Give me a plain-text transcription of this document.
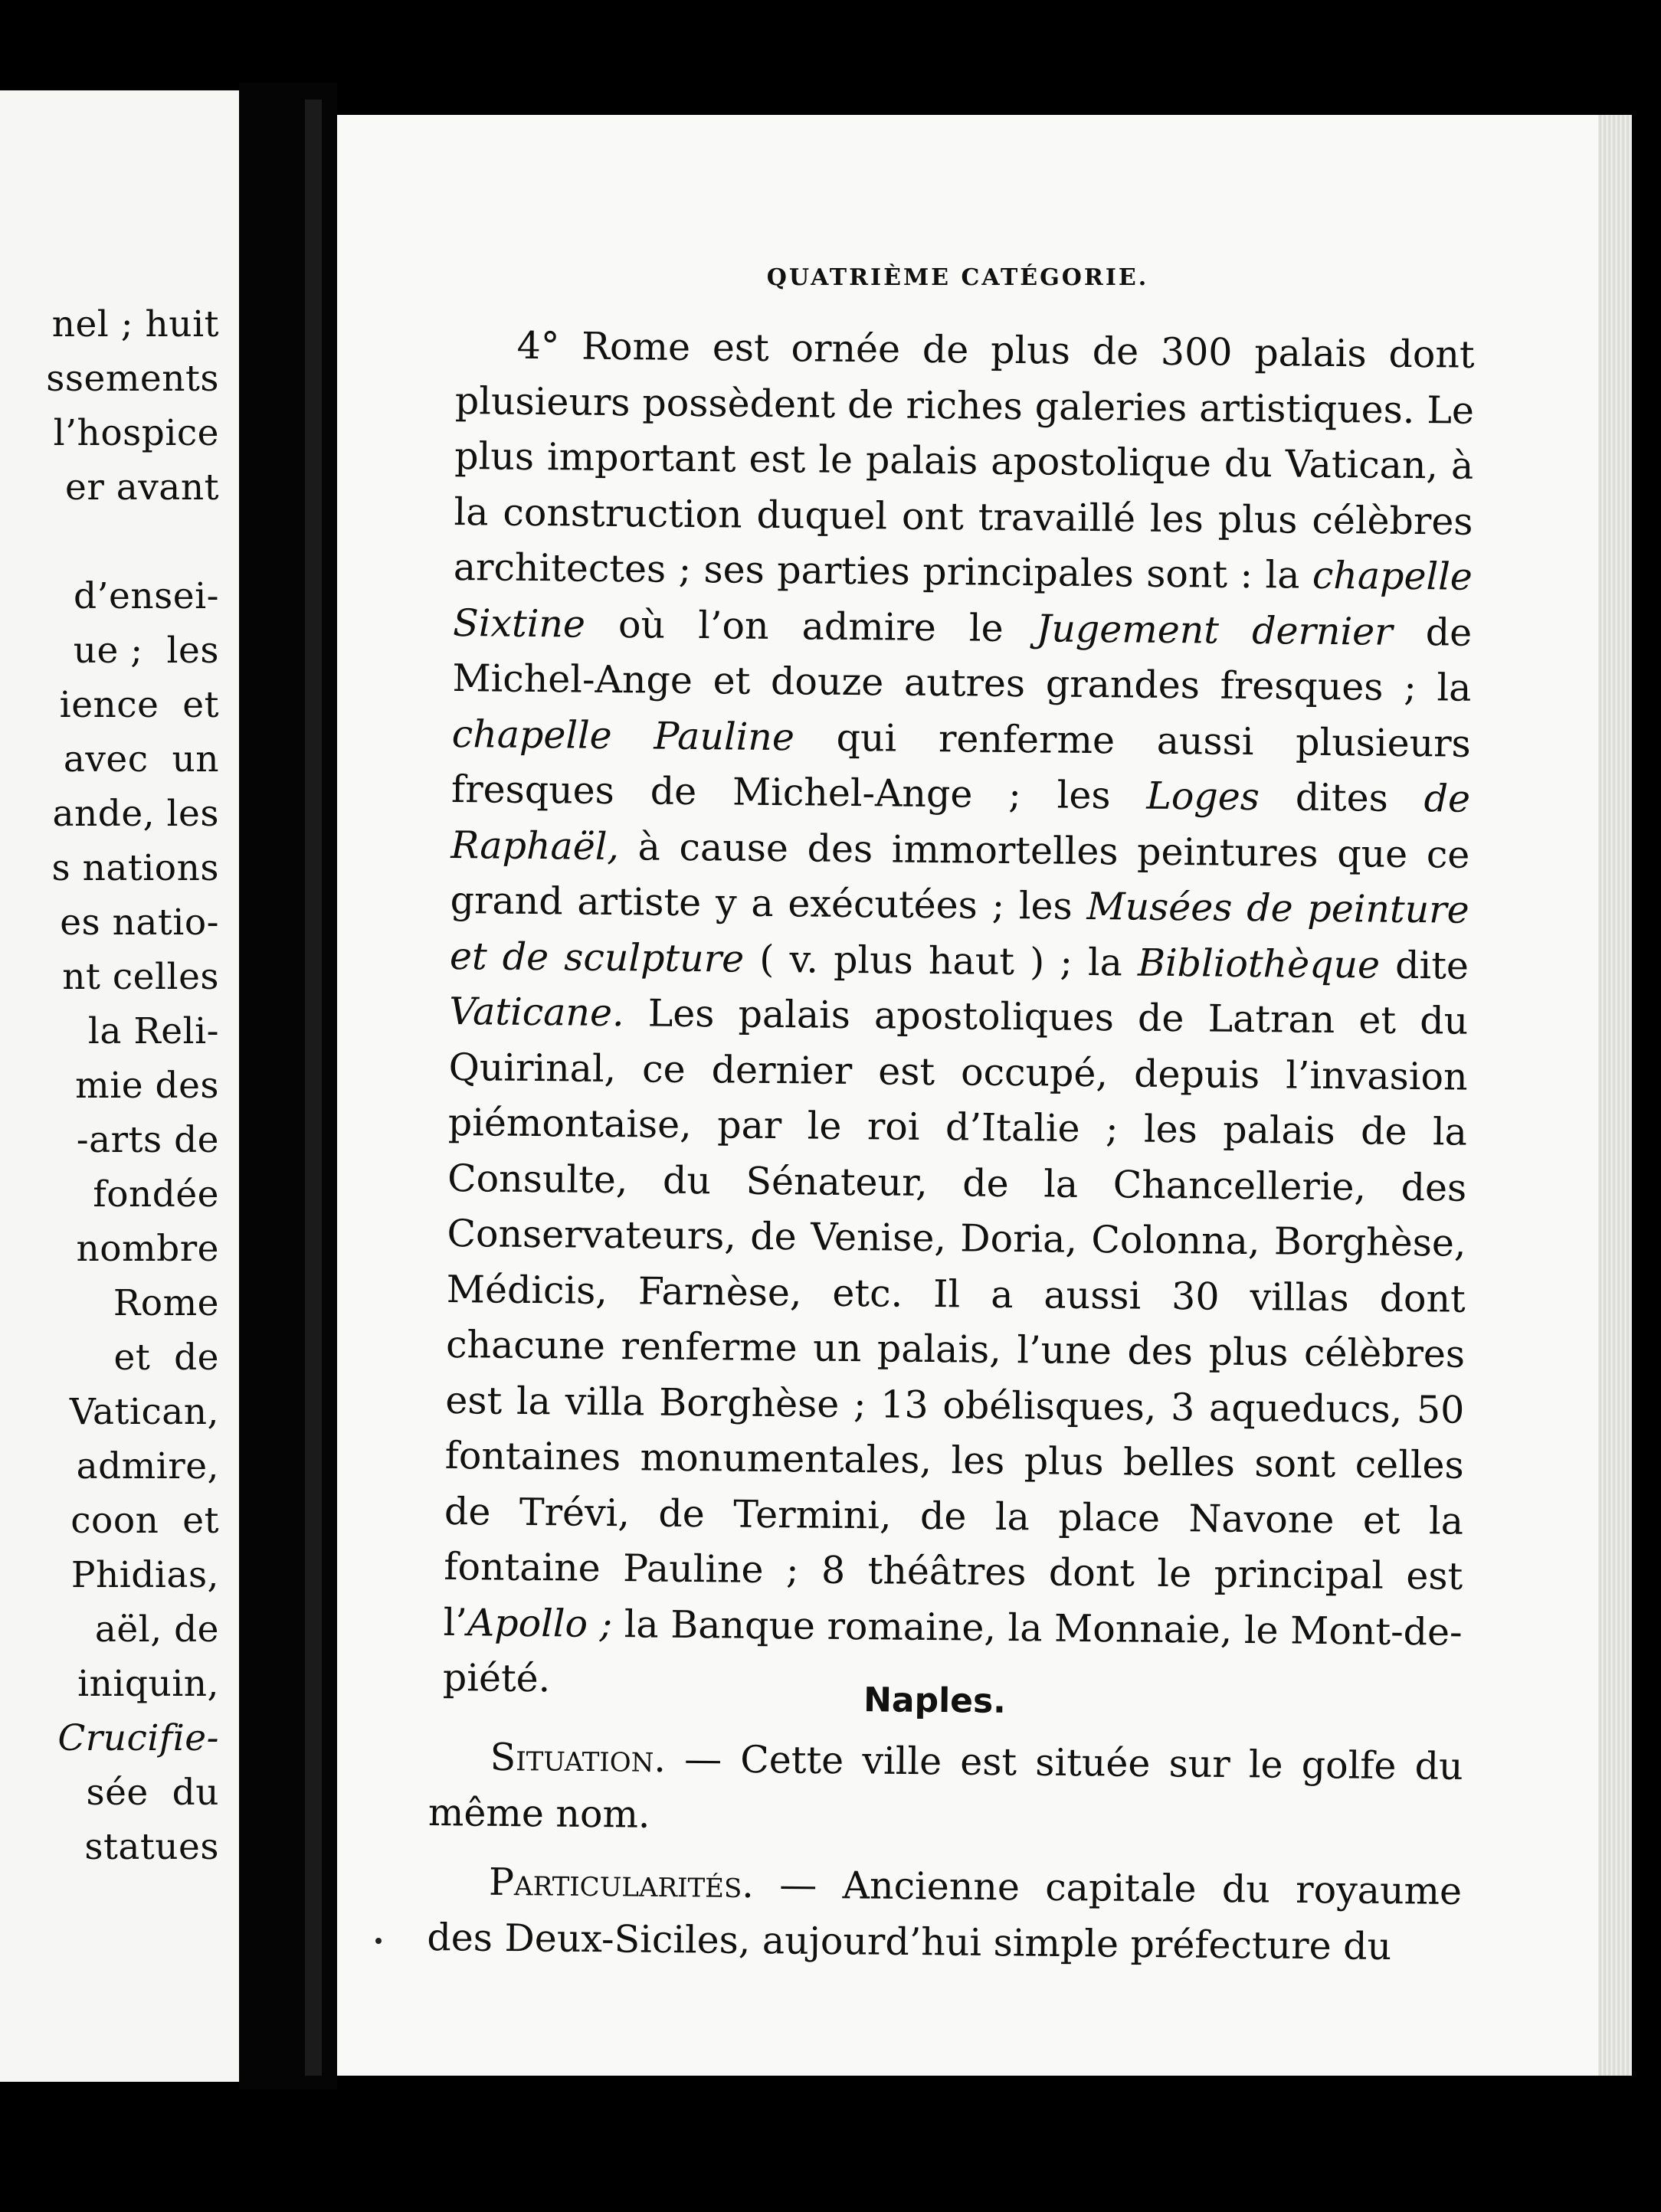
nel ; huit
ssements
l’hospice
er avant

d’ensei-
ue ;  les
ience  et
avec  un
ande, les
s nations
es natio-
nt celles
la Reli-
mie des
-arts de
fondée
nombre
Rome
et  de
Vatican,
admire,
coon  et
Phidias,
aël, de
iniquin,
Crucifie-
sée  du
statues
QUATRIÈME CATÉGORIE.

4° Rome est ornée de plus de 300 palais dont plusieurs possèdent de riches galeries artistiques. Le plus important est le palais apostolique du Vatican, à la construction duquel ont travaillé les plus célèbres architectes ; ses parties principales sont : la chapelle Sixtine où l’on admire le Jugement dernier de Michel-Ange et douze autres grandes fresques ; la chapelle Pauline qui renferme aussi plusieurs fresques de Michel-Ange ; les Loges dites de Raphaël, à cause des immortelles peintures que ce grand artiste y a exécutées ; les Musées de peinture et de sculpture ( v. plus haut ) ; la Bibliothèque dite Vaticane. Les palais apostoliques de Latran et du Quirinal, ce dernier est occupé, depuis l’invasion piémontaise, par le roi d’Italie ; les palais de la Consulte, du Sénateur, de la Chancellerie, des Conservateurs, de Venise, Doria, Colonna, Borghèse, Médicis, Farnèse, etc. Il a aussi 30 villas dont chacune renferme un palais, l’une des plus célèbres est la villa Borghèse ; 13 obélisques, 3 aqueducs, 50 fontaines monumentales, les plus belles sont celles de Trévi, de Termini, de la place Navone et la fontaine Pauline ; 8 théâtres dont le principal est l’Apollo ; la Banque romaine, la Monnaie, le Mont-de-piété.

Naples.

Situation. — Cette ville est située sur le golfe du même nom.

Particularités. — Ancienne capitale du royaume des Deux-Siciles, aujourd’hui simple préfecture du
